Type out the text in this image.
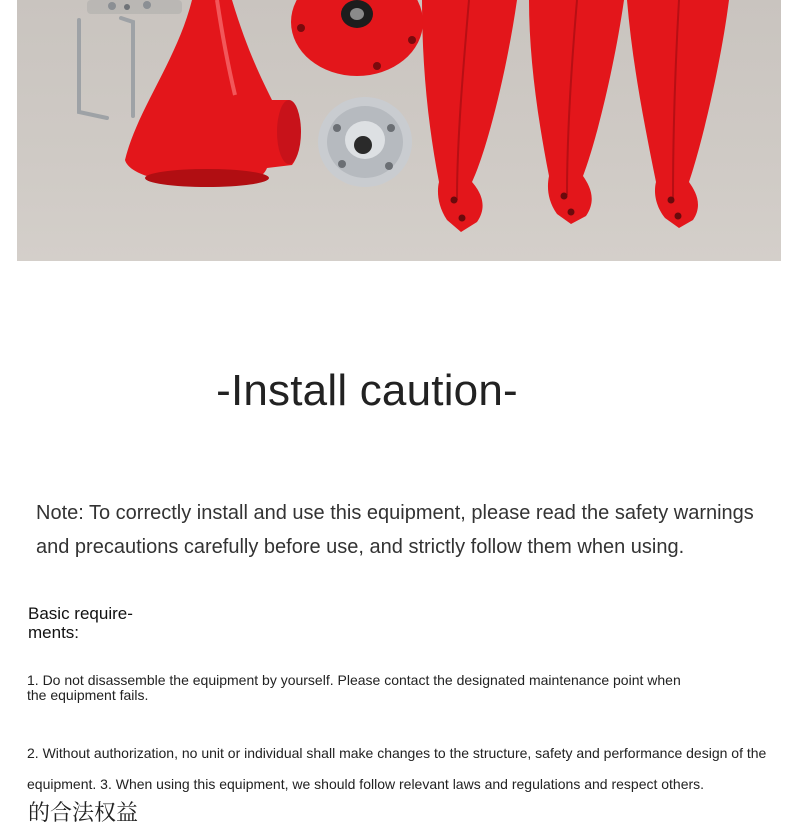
-Install caution-
Note: To correctly install and use this equipment, please read the safety warnings and precautions carefully before use, and strictly follow them when using.
Basic require-
ments:
1. Do not disassemble the equipment by yourself. Please contact the designated maintenance point when the equipment fails.
2. Without authorization, no unit or individual shall make changes to the structure, safety and performance design of the equipment. 3. When using this equipment, we should follow relevant laws and regulations and respect others.
的合法权益
